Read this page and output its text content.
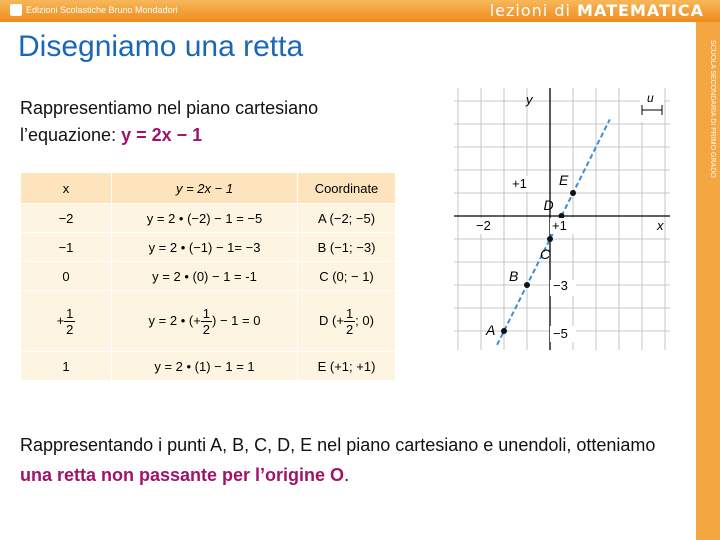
Edizioni Scolastiche Bruno Mondadori	lezioni di MATEMATICA
SCUOLA SECONDARIA DI PRIMO GRADO
Disegniamo una retta
Rappresentiamo nel piano cartesiano
l’equazione: y = 2x − 1
x	y = 2x − 1	Coordinate
−2	y = 2 • (−2) − 1 = −5	A (−2; −5)
−1	y = 2 • (−1) − 1= −3	B (−1; −3)
0	y = 2 • (0) − 1 = -1	C (0; − 1)
+ $\frac{1}{2}$	y = 2 • (+ $\frac{1}{2}$ ) − 1 = 0	D (+ $\frac{1}{2}$ ; 0)
1	y = 2 • (1) − 1 = 1	E (+1; +1)
x
y	u
A
B
C
D
E
−2	+1
+1
−3
−5
Rappresentando i punti A, B, C, D, E nel piano cartesiano e unendoli, otteniamo una retta non passante per l’origine O.
